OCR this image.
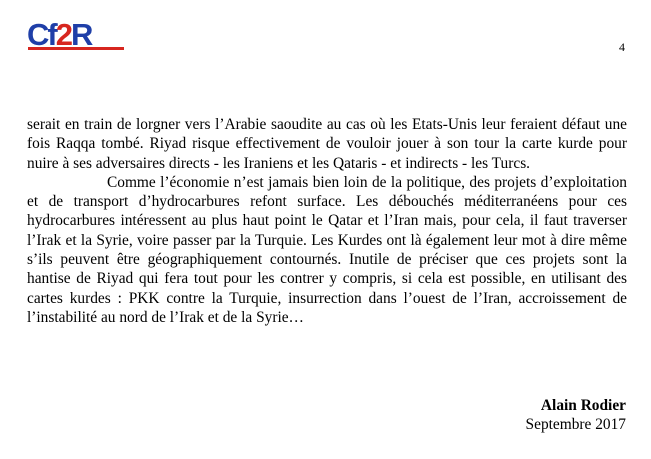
Cf2R	4

serait en train de lorgner vers l’Arabie saoudite au cas où les Etats-Unis leur feraient défaut une fois Raqqa tombé. Riyad risque effectivement de vouloir jouer à son tour la carte kurde pour nuire à ses adversaires directs - les Iraniens et les Qataris - et indirects - les Turcs.

Comme l’économie n’est jamais bien loin de la politique, des projets d’exploitation et de transport d’hydrocarbures refont surface. Les débouchés méditerranéens pour ces hydrocarbures intéressent au plus haut point le Qatar et l’Iran mais, pour cela, il faut traverser l’Irak et la Syrie, voire passer par la Turquie. Les Kurdes ont là également leur mot à dire même s’ils peuvent être géographiquement contournés. Inutile de préciser que ces projets sont la hantise de Riyad qui fera tout pour les contrer y compris, si cela est possible, en utilisant des cartes kurdes : PKK contre la Turquie, insurrection dans l’ouest de l’Iran, accroissement de l’instabilité au nord de l’Irak et de la Syrie…

Alain Rodier
Septembre 2017
